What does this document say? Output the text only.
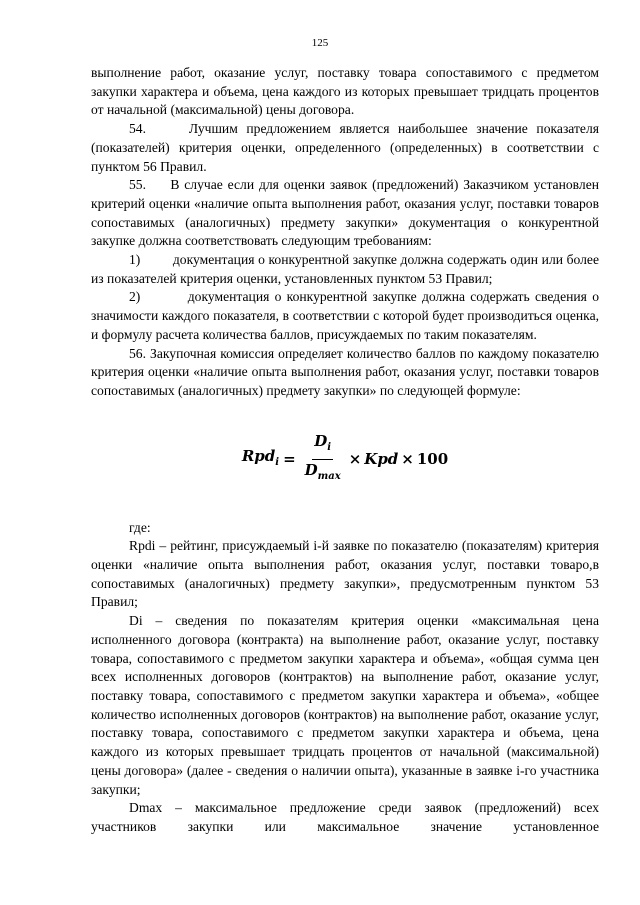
125

выполнение работ, оказание услуг, поставку товара сопоставимого с предметом закупки характера и объема, цена каждого из которых превышает тридцать процентов от начальной (максимальной) цены договора.

54.     Лучшим предложением является наибольшее значение показателя (показателей) критерия оценки, определенного (определенных) в соответствии с пунктом 56 Правил.

55.     В случае если для оценки заявок (предложений) Заказчиком установлен критерий оценки «наличие опыта выполнения работ, оказания услуг, поставки товаров сопоставимых (аналогичных) предмету закупки» документация о конкурентной закупке должна соответствовать следующим требованиям:

1) документация о конкурентной закупке должна содержать один или более из показателей критерия оценки, установленных пунктом 53 Правил;

2)	документация о конкурентной закупке должна содержать сведения о значимости каждого показателя, в соответствии с которой будет производиться оценка, и формулу расчета количества баллов, присуждаемых по таким показателям.

56. Закупочная комиссия определяет количество баллов по каждому показателю критерия оценки «наличие опыта выполнения работ, оказания услуг, поставки товаров сопоставимых (аналогичных) предмету закупки» по следующей формуле:

$Rpd_i = \frac{D_i}{D_{max}}$ × Kpd × 100

где:

Rpdi – рейтинг, присуждаемый i-й заявке по показателю (показателям) критерия оценки «наличие опыта выполнения работ, оказания услуг, поставки товаро,в сопоставимых (аналогичных) предмету закупки», предусмотренным пунктом 53 Правил;

Di – сведения по показателям критерия оценки «максимальная цена исполненного договора (контракта) на выполнение работ, оказание услуг, поставку товара, сопоставимого с предметом закупки характера и объема», «общая сумма цен всех исполненных договоров (контрактов) на выполнение работ, оказание услуг, поставку товара, сопоставимого с предметом закупки характера и объема», «общее количество исполненных договоров (контрактов) на выполнение работ, оказание услуг, поставку товара, сопоставимого с предметом закупки характера и объема, цена каждого из которых превышает тридцать процентов от начальной (максимальной) цены договора» (далее - сведения о наличии опыта), указанные в заявке i-го участника закупки;

Dmax – максимальное предложение среди заявок (предложений) всех участников закупки или максимальное значение установленное
